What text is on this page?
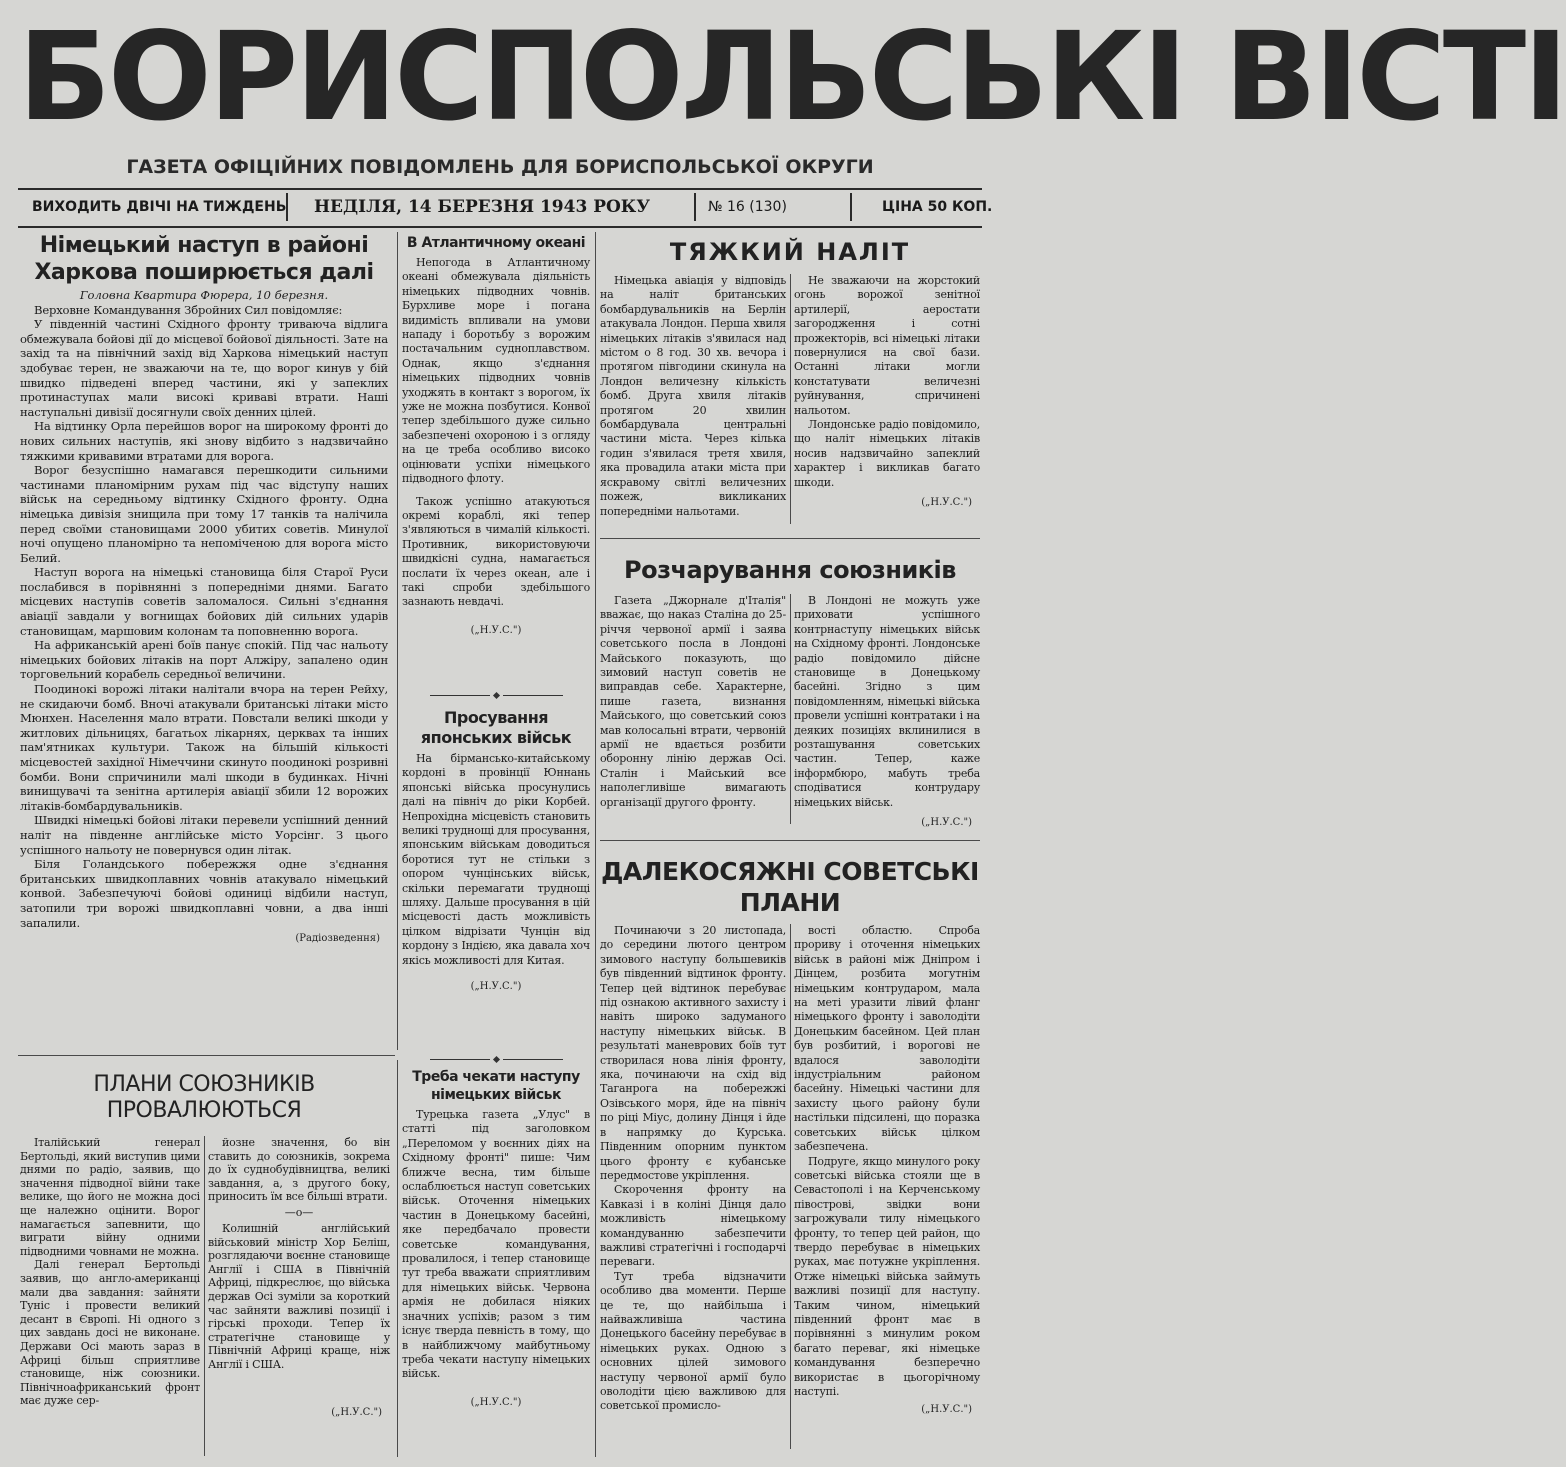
БОРИСПОЛЬСЬКІ ВІСТІ
ГАЗЕТА ОФІЦІЙНИХ ПОВІДОМЛЕНЬ ДЛЯ БОРИСПОЛЬСЬКОЇ ОКРУГИ
ВИХОДИТЬ ДВІЧІ НА ТИЖДЕНЬ НЕДІЛЯ, 14 БЕРЕЗНЯ 1943 РОКУ	№ 16 (130)	ЦІНА 50 КОП.
Німецький наступ в районі Харкова поширюється далі
Головна Квартира Фюрера, 10 березня.
Верховне Командування Збройних Сил повідомляє:
У південній частині Східного фронту триваюча відлига обмежувала бойові дії до місцевої бойової діяльності. Зате на захід та на північний захід від Харкова німецький наступ здобуває терен, не зважаючи на те, що ворог кинув у бій швидко підведені вперед частини, які у запеклих протинаступах мали високі криваві втрати. Наші наступальні дивізії досягнули своїх денних цілей.
На відтинку Орла перейшов ворог на широкому фронті до нових сильних наступів, які знову відбито з надзвичайно тяжкими кривавими втратами для ворога.
Ворог безуспішно намагався перешкодити сильними частинами планомірним рухам під час відступу наших військ на середньому відтинку Східного фронту. Одна німецька дивізія знищила при тому 17 танків та налічила перед своїми становищами 2000 убитих советів. Минулої ночі опущено планомірно та непоміченою для ворога місто Белий.
Наступ ворога на німецькі становища біля Старої Руси послабився в порівнянні з попередніми днями. Багато місцевих наступів советів заломалося. Сильні з'єднання авіації завдали у вогнищах бойових дій сильних ударів становищам, маршовим колонам та поповненню ворога.
На африканській арені боїв панує спокій. Під час нальоту німецьких бойових літаків на порт Алжіру, запалено один торговельний корабель середньої величини.
Поодинокі ворожі літаки налітали вчора на терен Рейху, не скидаючи бомб. Вночі атакували британські літаки місто Мюнхен. Населення мало втрати. Повстали великі шкоди у житлових дільницях, багатьох лікарнях, церквах та інших пам'ятниках культури. Також на більшій кількості місцевостей західної Німеччини скинуто поодинокі розривні бомби. Вони спричинили малі шкоди в будинках. Нічні винищувачі та зенітна артилерія авіації збили 12 ворожих літаків-бомбардувальників.
Швидкі німецькі бойові літаки перевели успішний денний наліт на південне англійське місто Уорсінг. З цього успішного нальоту не повернувся один літак.
Біля Голандського побережжя одне з'єднання британських швидкоплавних човнів атакувало німецький конвой. Забезпечуючі бойові одиниці відбили наступ, затопили три ворожі швидкоплавні човни, а два інші запалили.
(Радіозведення)
ПЛАНИ СОЮЗНИКІВ ПРОВАЛЮЮТЬСЯ
Італійський генерал Бертольді, який виступив цими днями по радіо, заявив, що значення підводної війни таке велике, що його не можна досі ще належно оцінити. Ворог намагається запевнити, що виграти війну одними підводними човнами не можна.
Далі генерал Бертольді заявив, що англо-американці мали два завдання: зайняти Туніс і провести великий десант в Європі. Ні одного з цих завдань досі не виконане. Держави Осі мають зараз в Африці більш сприятливе становище, ніж союзники. Північноафриканський фронт має дуже сер-
йозне значення, бо він ставить до союзників, зокрема до їх суднобудівництва, великі завдання, а, з другого боку, приносить їм все більші втрати.
—о—
Колишній англійський військовий міністр Хор Беліш, розглядаючи воєнне становище Англії і США в Північній Африці, підкреслює, що війська держав Осі зуміли за короткий час зайняти важливі позиції і гірські проходи. Тепер їх стратегічне становище у Північній Африці краще, ніж Англії і США.
(„Н.У.С.")
В Атлантичному океані
Непогода в Атлантичному океані обмежувала діяльність німецьких підводних човнів. Бурхливе море і погана видимість впливали на умови нападу і боротьбу з ворожим постачальним судноплавством. Однак, якщо з'єднання німецьких підводних човнів уходжять в контакт з ворогом, їх уже не можна позбутися. Конвої тепер здебільшого дуже сильно забезпечені охороною і з огляду на це треба особливо високо оцінювати успіхи німецького підводного флоту.
Також успішно атакуються окремі кораблі, які тепер з'являються в чималій кількості. Противник, використовуючи швидкісні судна, намагається послати їх через океан, але і такі спроби здебільшого зазнають невдачі.
(„Н.У.С.")
Просування японських військ
На бірмансько-китайському кордоні в провінції Юннань японські війська просунулись далі на північ до ріки Корбей. Непрохідна місцевість становить великі труднощі для просування, японським військам доводиться боротися тут не стільки з опором чунцінських військ, скільки перемагати труднощі шляху. Дальше просування в цій місцевості дасть можливість цілком відрізати Чунцін від кордону з Індією, яка давала хоч якісь можливості для Китая.
(„Н.У.С.")
Треба чекати наступу німецьких військ
Турецька газета „Улус" в статті під заголовком „Переломом у воєнних діях на Східному фронті" пише: Чим ближче весна, тим більше ослаблюється наступ советських військ. Оточення німецьких частин в Донецькому басейні, яке передбачало провести советське командування, провалилося, і тепер становище тут треба вважати сприятливим для німецьких військ. Червона армія не добилася ніяких значних успіхів; разом з тим існує тверда певність в тому, що в найближчому майбутньому треба чекати наступу німецьких військ.
(„Н.У.С.")
ТЯЖКИЙ НАЛІТ
Німецька авіація у відповідь на наліт британських бомбардувальників на Берлін атакувала Лондон. Перша хвиля німецьких літаків з'явилася над містом о 8 год. 30 хв. вечора і протягом півгодини скинула на Лондон величезну кількість бомб. Друга хвиля літаків протягом 20 хвилин бомбардувала центральні частини міста. Через кілька годин з'явилася третя хвиля, яка провадила атаки міста при яскравому світлі величезних пожеж, викликаних попередніми нальотами.
Не зважаючи на жорстокий огонь ворожої зенітної артилерії, аеростати загородження і сотні прожекторів, всі німецькі літаки повернулися на свої бази. Останні літаки могли констатувати величезні руйнування, спричинені нальотом.
Лондонське радіо повідомило, що наліт німецьких літаків носив надзвичайно запеклий характер і викликав багато шкоди.
(„Н.У.С.")
Розчарування союзників
Газета „Джорнале д'Італія" вважає, що наказ Сталіна до 25-річчя червоної армії і заява советського посла в Лондоні Майського показують, що зимовий наступ советів не виправдав себе. Характерне, пише газета, визнання Майського, що советський союз мав колосальні втрати, червоній армії не вдається розбити оборонну лінію держав Осі. Сталін і Майський все наполегливіше вимагають організації другого фронту.
В Лондоні не можуть уже приховати успішного контрнаступу німецьких військ на Східному фронті. Лондонське радіо повідомило дійсне становище в Донецькому басейні. Згідно з цим повідомленням, німецькі війська провели успішні контратаки і на деяких позиціях вклинилися в розташування советських частин. Тепер, каже інформбюро, мабуть треба сподіватися контрудару німецьких військ.
(„Н.У.С.")
ДАЛЕКОСЯЖНІ СОВЕТСЬКІ ПЛАНИ
Починаючи з 20 листопада, до середини лютого центром зимового наступу большевиків був південний відтинок фронту. Тепер цей відтинок перебуває під ознакою активного захисту і навіть широко задуманого наступу німецьких військ. В результаті маневрових боїв тут створилася нова лінія фронту, яка, починаючи на схід від Таганрога на побережжі Озівського моря, йде на північ по ріці Міус, долину Дінця і йде в напрямку до Курська. Південним опорним пунктом цього фронту є кубанське передмостове укріплення.
Скорочення фронту на Кавказі і в коліні Дінця дало можливість німецькому командуванню забезпечити важливі стратегічні і господарчі переваги.
Тут треба відзначити особливо два моменти. Перше це те, що найбільша і найважливіша частина Донецького басейну перебуває в німецьких руках. Одною з основних цілей зимового наступу червоної армії було оволодіти цією важливою для советської промисло-
вості областю. Спроба прориву і оточення німецьких військ в районі між Дніпром і Дінцем, розбита могутнім німецьким контрударом, мала на меті уразити лівий фланг німецького фронту і заволодіти Донецьким басейном. Цей план був розбитий, і ворогові не вдалося заволодіти індустріальним районом басейну. Німецькі частини для захисту цього району були настільки підсилені, що поразка советських військ цілком забезпечена.
Подруге, якщо минулого року советські війська стояли ще в Севастополі і на Керченському півострові, звідки вони загрожували тилу німецького фронту, то тепер цей район, що твердо перебуває в німецьких руках, має потужне укріплення. Отже німецькі війська займуть важливі позиції для наступу. Таким чином, німецький південний фронт має в порівнянні з минулим роком багато переваг, які німецьке командування безперечно використає в цьогорічному наступі.
(„Н.У.С.")
